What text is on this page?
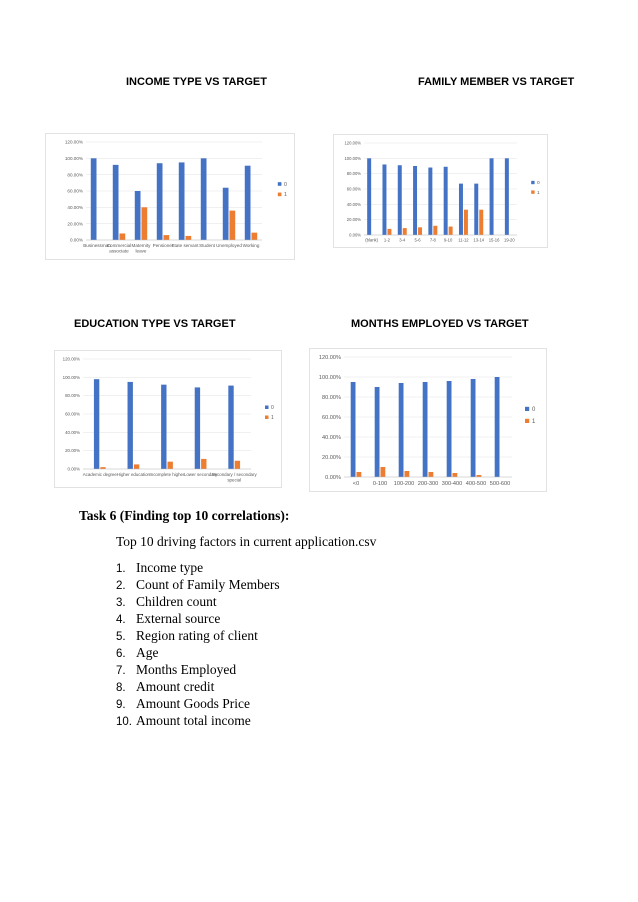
INCOME TYPE VS TARGET	FAMILY MEMBER VS TARGET
EDUCATION TYPE VS TARGET	MONTHS EMPLOYED VS TARGET
0.00%
20.00%
40.00%
60.00%
80.00%
100.00%
120.00%
Businessman
Commercial
associate
Maternity
leave
Pensioner
State servant Student Unemployed Working
0
1
0.00%
20.00%
40.00%
60.00%
80.00%
100.00%
120.00%
(blank) 1-2 3-4 5-6 7-8 9-10 11-12 13-14 15-16 19-20
0
1
0.00%
20.00%
40.00%
60.00%
80.00%
100.00%
120.00%
Academic degree Higher education Incomplete higher Lower secondary
Secondary / secondary
special
0
1
0.00%
20.00%
40.00%
60.00%
80.00%
100.00%
120.00%
<0 0-100 100-200 200-300 300-400 400-500 500-600
0
1
Task 6 (Finding top 10 correlations):
Top 10 driving factors in current application.csv
1. Income type
2. Count of Family Members
3. Children count
4. External source
5. Region rating of client
6. Age
7. Months Employed
8. Amount credit
9. Amount Goods Price
10. Amount total income
